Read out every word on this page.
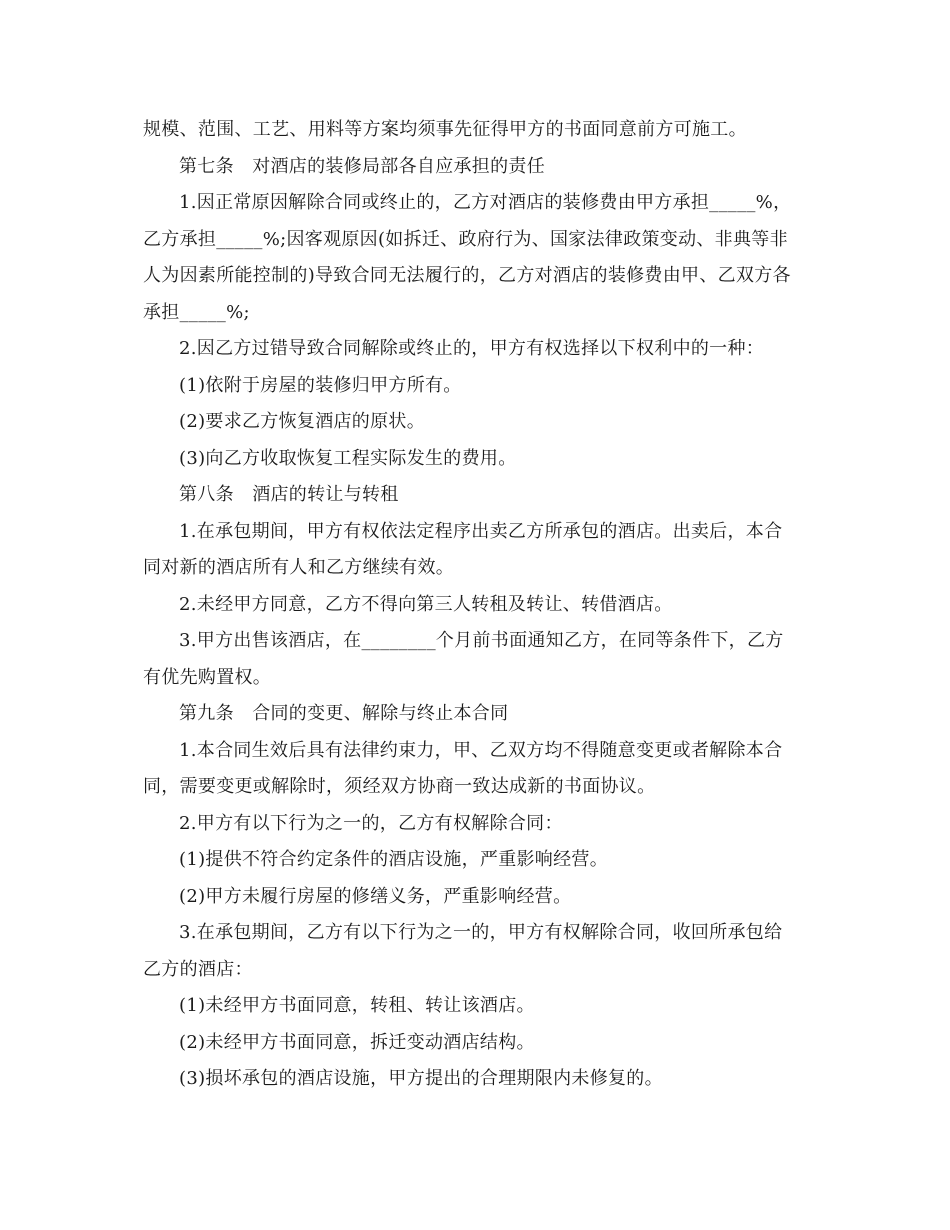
规模、范围、工艺、用料等方案均须事先征得甲方的书面同意前方可施工。
第七条　对酒店的装修局部各自应承担的责任
1.因正常原因解除合同或终止的，乙方对酒店的装修费由甲方承担_____%，
乙方承担_____%;因客观原因(如拆迁、政府行为、国家法律政策变动、非典等非
人为因素所能控制的)导致合同无法履行的，乙方对酒店的装修费由甲、乙双方各
承担_____%;
2.因乙方过错导致合同解除或终止的，甲方有权选择以下权利中的一种：
(1)依附于房屋的装修归甲方所有。
(2)要求乙方恢复酒店的原状。
(3)向乙方收取恢复工程实际发生的费用。
第八条　酒店的转让与转租
1.在承包期间，甲方有权依法定程序出卖乙方所承包的酒店。出卖后，本合
同对新的酒店所有人和乙方继续有效。
2.未经甲方同意，乙方不得向第三人转租及转让、转借酒店。
3.甲方出售该酒店，在________个月前书面通知乙方，在同等条件下，乙方
有优先购置权。
第九条　合同的变更、解除与终止本合同
1.本合同生效后具有法律约束力，甲、乙双方均不得随意变更或者解除本合
同，需要变更或解除时，须经双方协商一致达成新的书面协议。
2.甲方有以下行为之一的，乙方有权解除合同：
(1)提供不符合约定条件的酒店设施，严重影响经营。
(2)甲方未履行房屋的修缮义务，严重影响经营。
3.在承包期间，乙方有以下行为之一的，甲方有权解除合同，收回所承包给
乙方的酒店：
(1)未经甲方书面同意，转租、转让该酒店。
(2)未经甲方书面同意，拆迁变动酒店结构。
(3)损坏承包的酒店设施，甲方提出的合理期限内未修复的。
